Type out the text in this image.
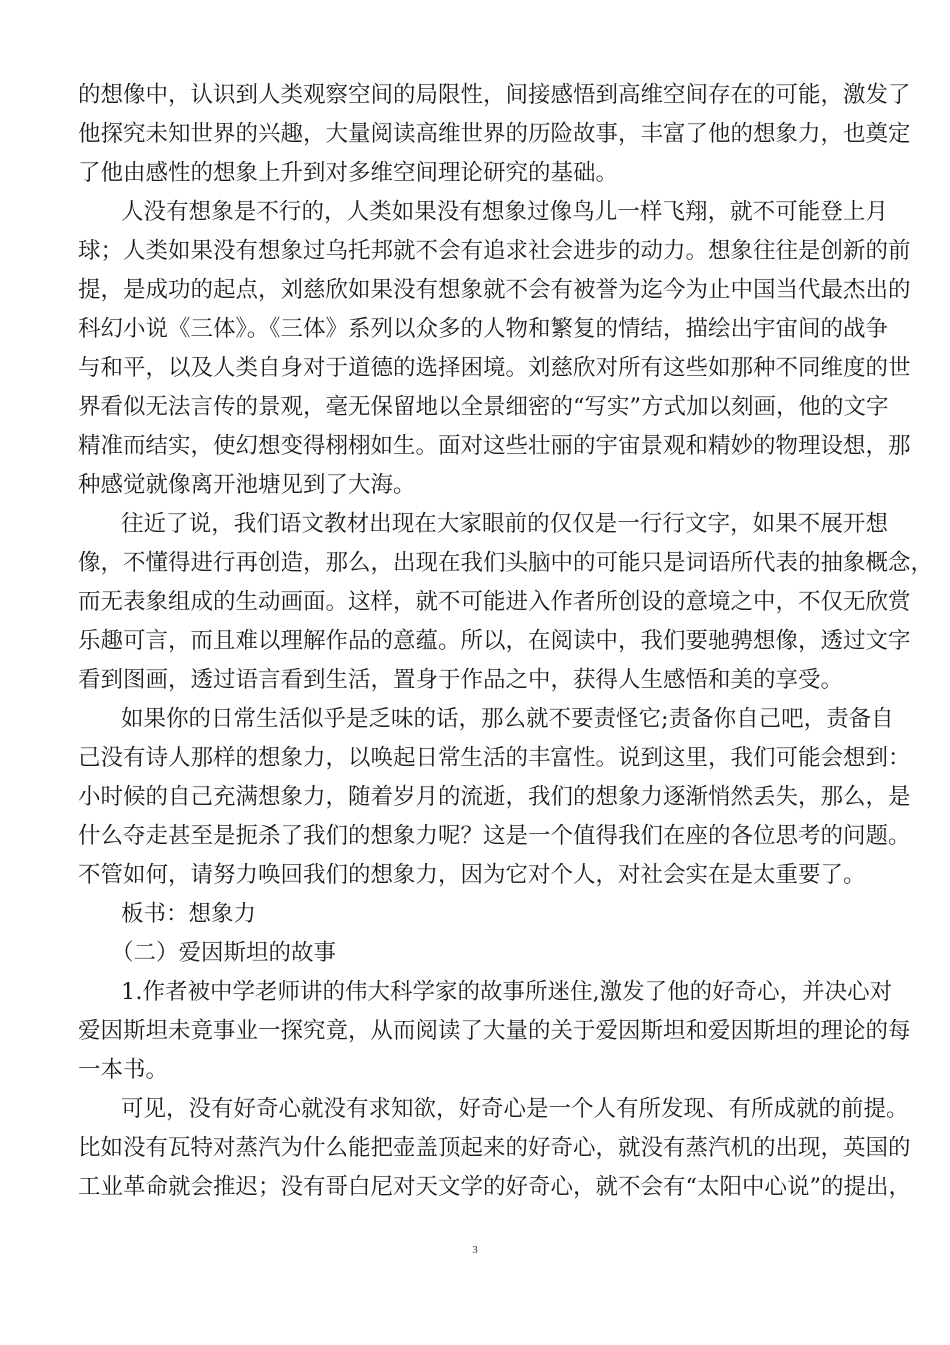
的想像中，认识到人类观察空间的局限性，间接感悟到高维空间存在的可能，激发了
他探究未知世界的兴趣，大量阅读高维世界的历险故事，丰富了他的想象力，也奠定
了他由感性的想象上升到对多维空间理论研究的基础。
人没有想象是不行的，人类如果没有想象过像鸟儿一样飞翔，就不可能登上月
球；人类如果没有想象过乌托邦就不会有追求社会进步的动力。想象往往是创新的前
提，是成功的起点，刘慈欣如果没有想象就不会有被誉为迄今为止中国当代最杰出的
科幻小说《三体》。《三体》系列以众多的人物和繁复的情结，描绘出宇宙间的战争
与和平，以及人类自身对于道德的选择困境。刘慈欣对所有这些如那种不同维度的世
界看似无法言传的景观，毫无保留地以全景细密的“写实”方式加以刻画，他的文字
精准而结实，使幻想变得栩栩如生。面对这些壮丽的宇宙景观和精妙的物理设想，那
种感觉就像离开池塘见到了大海。
往近了说，我们语文教材出现在大家眼前的仅仅是一行行文字，如果不展开想
像，不懂得进行再创造，那么，出现在我们头脑中的可能只是词语所代表的抽象概念，
而无表象组成的生动画面。这样，就不可能进入作者所创设的意境之中，不仅无欣赏
乐趣可言，而且难以理解作品的意蕴。所以，在阅读中，我们要驰骋想像，透过文字
看到图画，透过语言看到生活，置身于作品之中，获得人生感悟和美的享受。
如果你的日常生活似乎是乏味的话，那么就不要责怪它;责备你自己吧，责备自
己没有诗人那样的想象力，以唤起日常生活的丰富性。说到这里，我们可能会想到：
小时候的自己充满想象力，随着岁月的流逝，我们的想象力逐渐悄然丢失，那么，是
什么夺走甚至是扼杀了我们的想象力呢？这是一个值得我们在座的各位思考的问题。
不管如何，请努力唤回我们的想象力，因为它对个人，对社会实在是太重要了。
板书：想象力
（二）爱因斯坦的故事
1.作者被中学老师讲的伟大科学家的故事所迷住,激发了他的好奇心，并决心对
爱因斯坦未竟事业一探究竟，从而阅读了大量的关于爱因斯坦和爱因斯坦的理论的每
一本书。
可见，没有好奇心就没有求知欲，好奇心是一个人有所发现、有所成就的前提。
比如没有瓦特对蒸汽为什么能把壶盖顶起来的好奇心，就没有蒸汽机的出现，英国的
工业革命就会推迟；没有哥白尼对天文学的好奇心，就不会有“太阳中心说”的提出，
3
